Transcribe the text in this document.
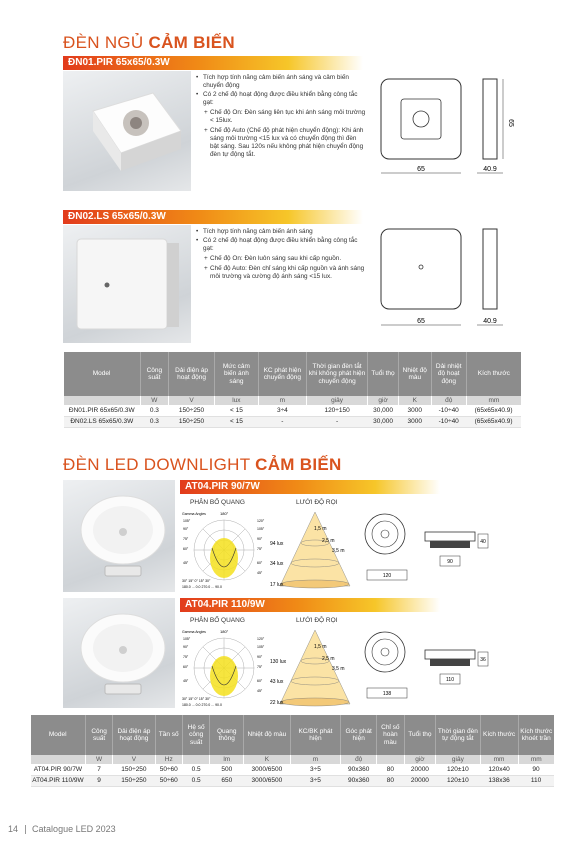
ĐÈN NGỦ CẢM BIẾN
ĐN01.PIR 65x65/0.3W
• Tích hợp tính năng cảm biến ánh sáng và cảm biến chuyển động
• Có 2 chế độ hoạt động được điều khiển bằng công tắc gạt:
+ Chế độ On: Đèn sáng liên tục khi ánh sáng môi trường < 15lux.
+ Chế độ Auto (Chế độ phát hiện chuyển động): Khi ánh sáng môi trường <15 lux và có chuyển động thì đèn bật sáng. Sau 120s nếu không phát hiện chuyển động đèn tự động tắt.
65	40.9
65
ĐN02.LS 65x65/0.3W
• Tích hợp tính năng cảm biến ánh sáng
• Có 2 chế độ hoạt động được điều khiển bằng công tắc gạt:
+ Chế độ On: Đèn luôn sáng sau khi cấp nguồn.
+ Chế độ Auto: Đèn chỉ sáng khi cấp nguồn và ánh sáng môi trường và cường độ ánh sáng <15 lux.
65	40.9
Model	Công suất	Dải điện áp hoạt động	Mức cảm biến ánh sáng	KC phát hiện chuyển động	Thời gian đèn tắt khi không phát hiện chuyển động	Tuổi thọ	Nhiệt độ màu	Dải nhiệt độ hoạt động	Kích thước
	W	V	lux	m	giây	giờ	K	độ	mm
ĐN01.PIR 65x65/0.3W	0.3	150÷250	< 15	3÷4	120÷150	30,000	3000	-10÷40	(65x65x40.9)
ĐN02.LS 65x65/0.3W	0.3	150÷250	< 15	-	-	30,000	3000	-10÷40	(65x65x40.9)
ĐÈN LED DOWNLIGHT CẢM BIẾN
AT04.PIR 90/7W
PHÂN BỐ QUANG	LƯỚI ĐỘ RỌI
Gamma Angles	180°
30° 15° 0° 15° 30°
180.0 ... 0.0 270.0 ... 90.0
105°
90°
75°
60°
45°
120°
105°
90°
75°
60°
45°
94 lux
34 lux
17 lux
1,5 m
2,5 m
3,5 m
120
40
90
AT04.PIR 110/9W
PHÂN BỐ QUANG	LƯỚI ĐỘ RỌI
Gamma Angles	180°
30° 15° 0° 15° 30°
180.0 ... 0.0 270.0 ... 90.0
105°
90°
75°
60°
45°
120°
105°
90°
75°
60°
45°
130 lux
43 lux
22 lux
1,5 m
2,5 m
3,5 m
138
36
110
Model	Công suất	Dải điện áp hoạt động	Tần số	Hệ số công suất	Quang thông	Nhiệt độ màu	KC/BK phát hiện	Góc phát hiện	Chỉ số hoàn màu	Tuổi thọ	Thời gian đèn tự động tắt	Kích thước	Kích thước khoét trần
	W	V	Hz		lm	K	m	độ		giờ	giây	mm	mm
AT04.PIR 90/7W	7	150÷250	50÷60	0.5	500	3000/6500	3÷5	90x360	80	20000	120±10	120x40	90
AT04.PIR 110/9W	9	150÷250	50÷60	0.5	650	3000/6500	3÷5	90x360	80	20000	120±10	138x36	110
14 Catalogue LED 2023
